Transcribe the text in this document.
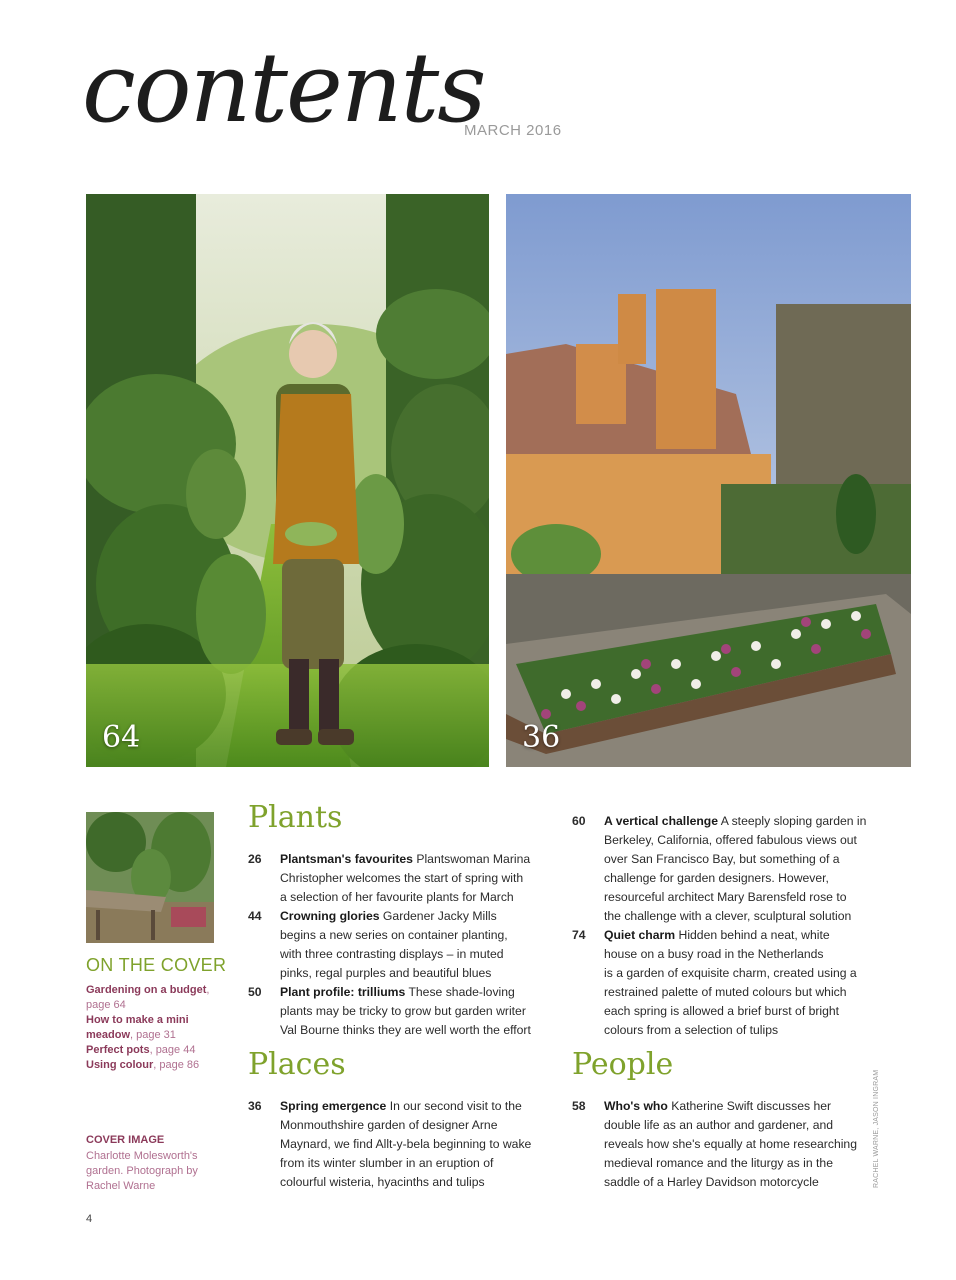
contents
MARCH 2016
64	36
ON THE COVER
Gardening on a budget, page 64
How to make a mini meadow, page 31
Perfect pots, page 44
Using colour, page 86
COVER IMAGE
Charlotte Molesworth's garden. Photograph by Rachel Warne
Plants
26 Plantsman's favourites Plantswoman Marina
Christopher welcomes the start of spring with
a selection of her favourite plants for March
44 Crowning glories Gardener Jacky Mills
begins a new series on container planting,
with three contrasting displays – in muted
pinks, regal purples and beautiful blues
50 Plant profile: trilliums These shade-loving
plants may be tricky to grow but garden writer
Val Bourne thinks they are well worth the effort
60 A vertical challenge A steeply sloping garden in
Berkeley, California, offered fabulous views out
over San Francisco Bay, but something of a
challenge for garden designers. However,
resourceful architect Mary Barensfeld rose to
the challenge with a clever, sculptural solution
74 Quiet charm Hidden behind a neat, white
house on a busy road in the Netherlands
is a garden of exquisite charm, created using a
restrained palette of muted colours but which
each spring is allowed a brief burst of bright
colours from a selection of tulips
Places
36 Spring emergence In our second visit to the
Monmouthshire garden of designer Arne
Maynard, we find Allt-y-bela beginning to wake
from its winter slumber in an eruption of
colourful wisteria, hyacinths and tulips
People
58 Who's who Katherine Swift discusses her
double life as an author and gardener, and
reveals how she's equally at home researching
medieval romance and the liturgy as in the
saddle of a Harley Davidson motorcycle	RACHEL WARNE, JASON INGRAM
4
